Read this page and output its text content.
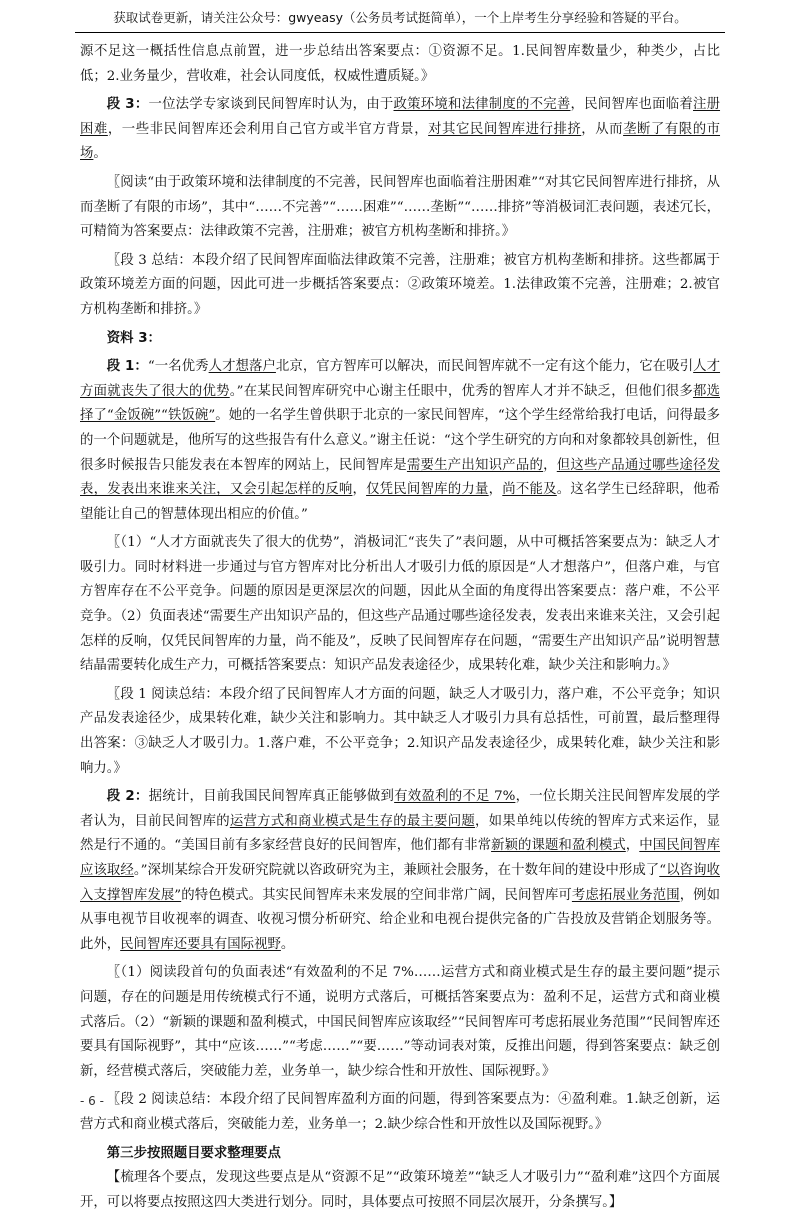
获取试卷更新，请关注公众号：gwyeasy（公务员考试挺简单），一个上岸考生分享经验和答疑的平台。

源不足这一概括性信息点前置，进一步总结出答案要点：①资源不足。1.民间智库数量少，种类少，占比低；2.业务量少，营收难，社会认同度低，权威性遭质疑。》

段 3：一位法学专家谈到民间智库时认为，由于政策环境和法律制度的不完善，民间智库也面临着注册困难，一些非民间智库还会利用自己官方或半官方背景，对其它民间智库进行排挤，从而垄断了有限的市场。

〖阅读“由于政策环境和法律制度的不完善，民间智库也面临着注册困难”“对其它民间智库进行排挤，从而垄断了有限的市场”，其中“……不完善”“……困难”“……垄断”“……排挤”等消极词汇表问题，表述冗长，可精简为答案要点：法律政策不完善，注册难；被官方机构垄断和排挤。》

〖段 3 总结：本段介绍了民间智库面临法律政策不完善，注册难；被官方机构垄断和排挤。这些都属于政策环境差方面的问题，因此可进一步概括答案要点：②政策环境差。1.法律政策不完善，注册难；2.被官方机构垄断和排挤。》

资料 3：

段 1：“一名优秀人才想落户北京，官方智库可以解决，而民间智库就不一定有这个能力，它在吸引人才方面就丧失了很大的优势。”在某民间智库研究中心谢主任眼中，优秀的智库人才并不缺乏，但他们很多都选择了“金饭碗”“铁饭碗”。她的一名学生曾供职于北京的一家民间智库，“这个学生经常给我打电话，问得最多的一个问题就是，他所写的这些报告有什么意义。”谢主任说：“这个学生研究的方向和对象都较具创新性，但很多时候报告只能发表在本智库的网站上，民间智库是需要生产出知识产品的，但这些产品通过哪些途径发表，发表出来谁来关注，又会引起怎样的反响，仅凭民间智库的力量，尚不能及。这名学生已经辞职，他希望能让自己的智慧体现出相应的价值。”

〖（1）“人才方面就丧失了很大的优势”，消极词汇“丧失了”表问题，从中可概括答案要点为：缺乏人才吸引力。同时材料进一步通过与官方智库对比分析出人才吸引力低的原因是“人才想落户”，但落户难，与官方智库存在不公平竞争。问题的原因是更深层次的问题，因此从全面的角度得出答案要点：落户难，不公平竞争。（2）负面表述“需要生产出知识产品的，但这些产品通过哪些途径发表，发表出来谁来关注，又会引起怎样的反响，仅凭民间智库的力量，尚不能及”，反映了民间智库存在问题，“需要生产出知识产品”说明智慧结晶需要转化成生产力，可概括答案要点：知识产品发表途径少，成果转化难，缺少关注和影响力。》

〖段 1 阅读总结：本段介绍了民间智库人才方面的问题，缺乏人才吸引力，落户难，不公平竞争；知识产品发表途径少，成果转化难，缺少关注和影响力。其中缺乏人才吸引力具有总括性，可前置，最后整理得出答案：③缺乏人才吸引力。1.落户难，不公平竞争；2.知识产品发表途径少，成果转化难，缺少关注和影响力。》

段 2：据统计，目前我国民间智库真正能够做到有效盈利的不足 7%，一位长期关注民间智库发展的学者认为，目前民间智库的运营方式和商业模式是生存的最主要问题，如果单纯以传统的智库方式来运作，显然是行不通的。“美国目前有多家经营良好的民间智库，他们都有非常新颖的课题和盈利模式，中国民间智库应该取经。”深圳某综合开发研究院就以咨政研究为主，兼顾社会服务，在十数年间的建设中形成了“以咨询收入支撑智库发展”的特色模式。其实民间智库未来发展的空间非常广阔，民间智库可考虑拓展业务范围，例如从事电视节目收视率的调查、收视习惯分析研究、给企业和电视台提供完备的广告投放及营销企划服务等。此外，民间智库还要具有国际视野。

〖（1）阅读段首句的负面表述“有效盈利的不足 7%……运营方式和商业模式是生存的最主要问题”提示问题，存在的问题是用传统模式行不通，说明方式落后，可概括答案要点为：盈利不足，运营方式和商业模式落后。（2）“新颖的课题和盈利模式，中国民间智库应该取经”“民间智库可考虑拓展业务范围”“民间智库还要具有国际视野”，其中“应该……”“考虑……”“要……”等动词表对策，反推出问题，得到答案要点：缺乏创新，经营模式落后，突破能力差，业务单一，缺少综合性和开放性、国际视野。》

〖段 2 阅读总结：本段介绍了民间智库盈利方面的问题，得到答案要点为：④盈利难。1.缺乏创新，运营方式和商业模式落后，突破能力差，业务单一；2.缺少综合性和开放性以及国际视野。》

第三步按照题目要求整理要点

【梳理各个要点，发现这些要点是从“资源不足”“政策环境差”“缺乏人才吸引力”“盈利难”这四个方面展开，可以将要点按照这四大类进行划分。同时，具体要点可按照不同层次展开，分条撰写。】

- 6 -
